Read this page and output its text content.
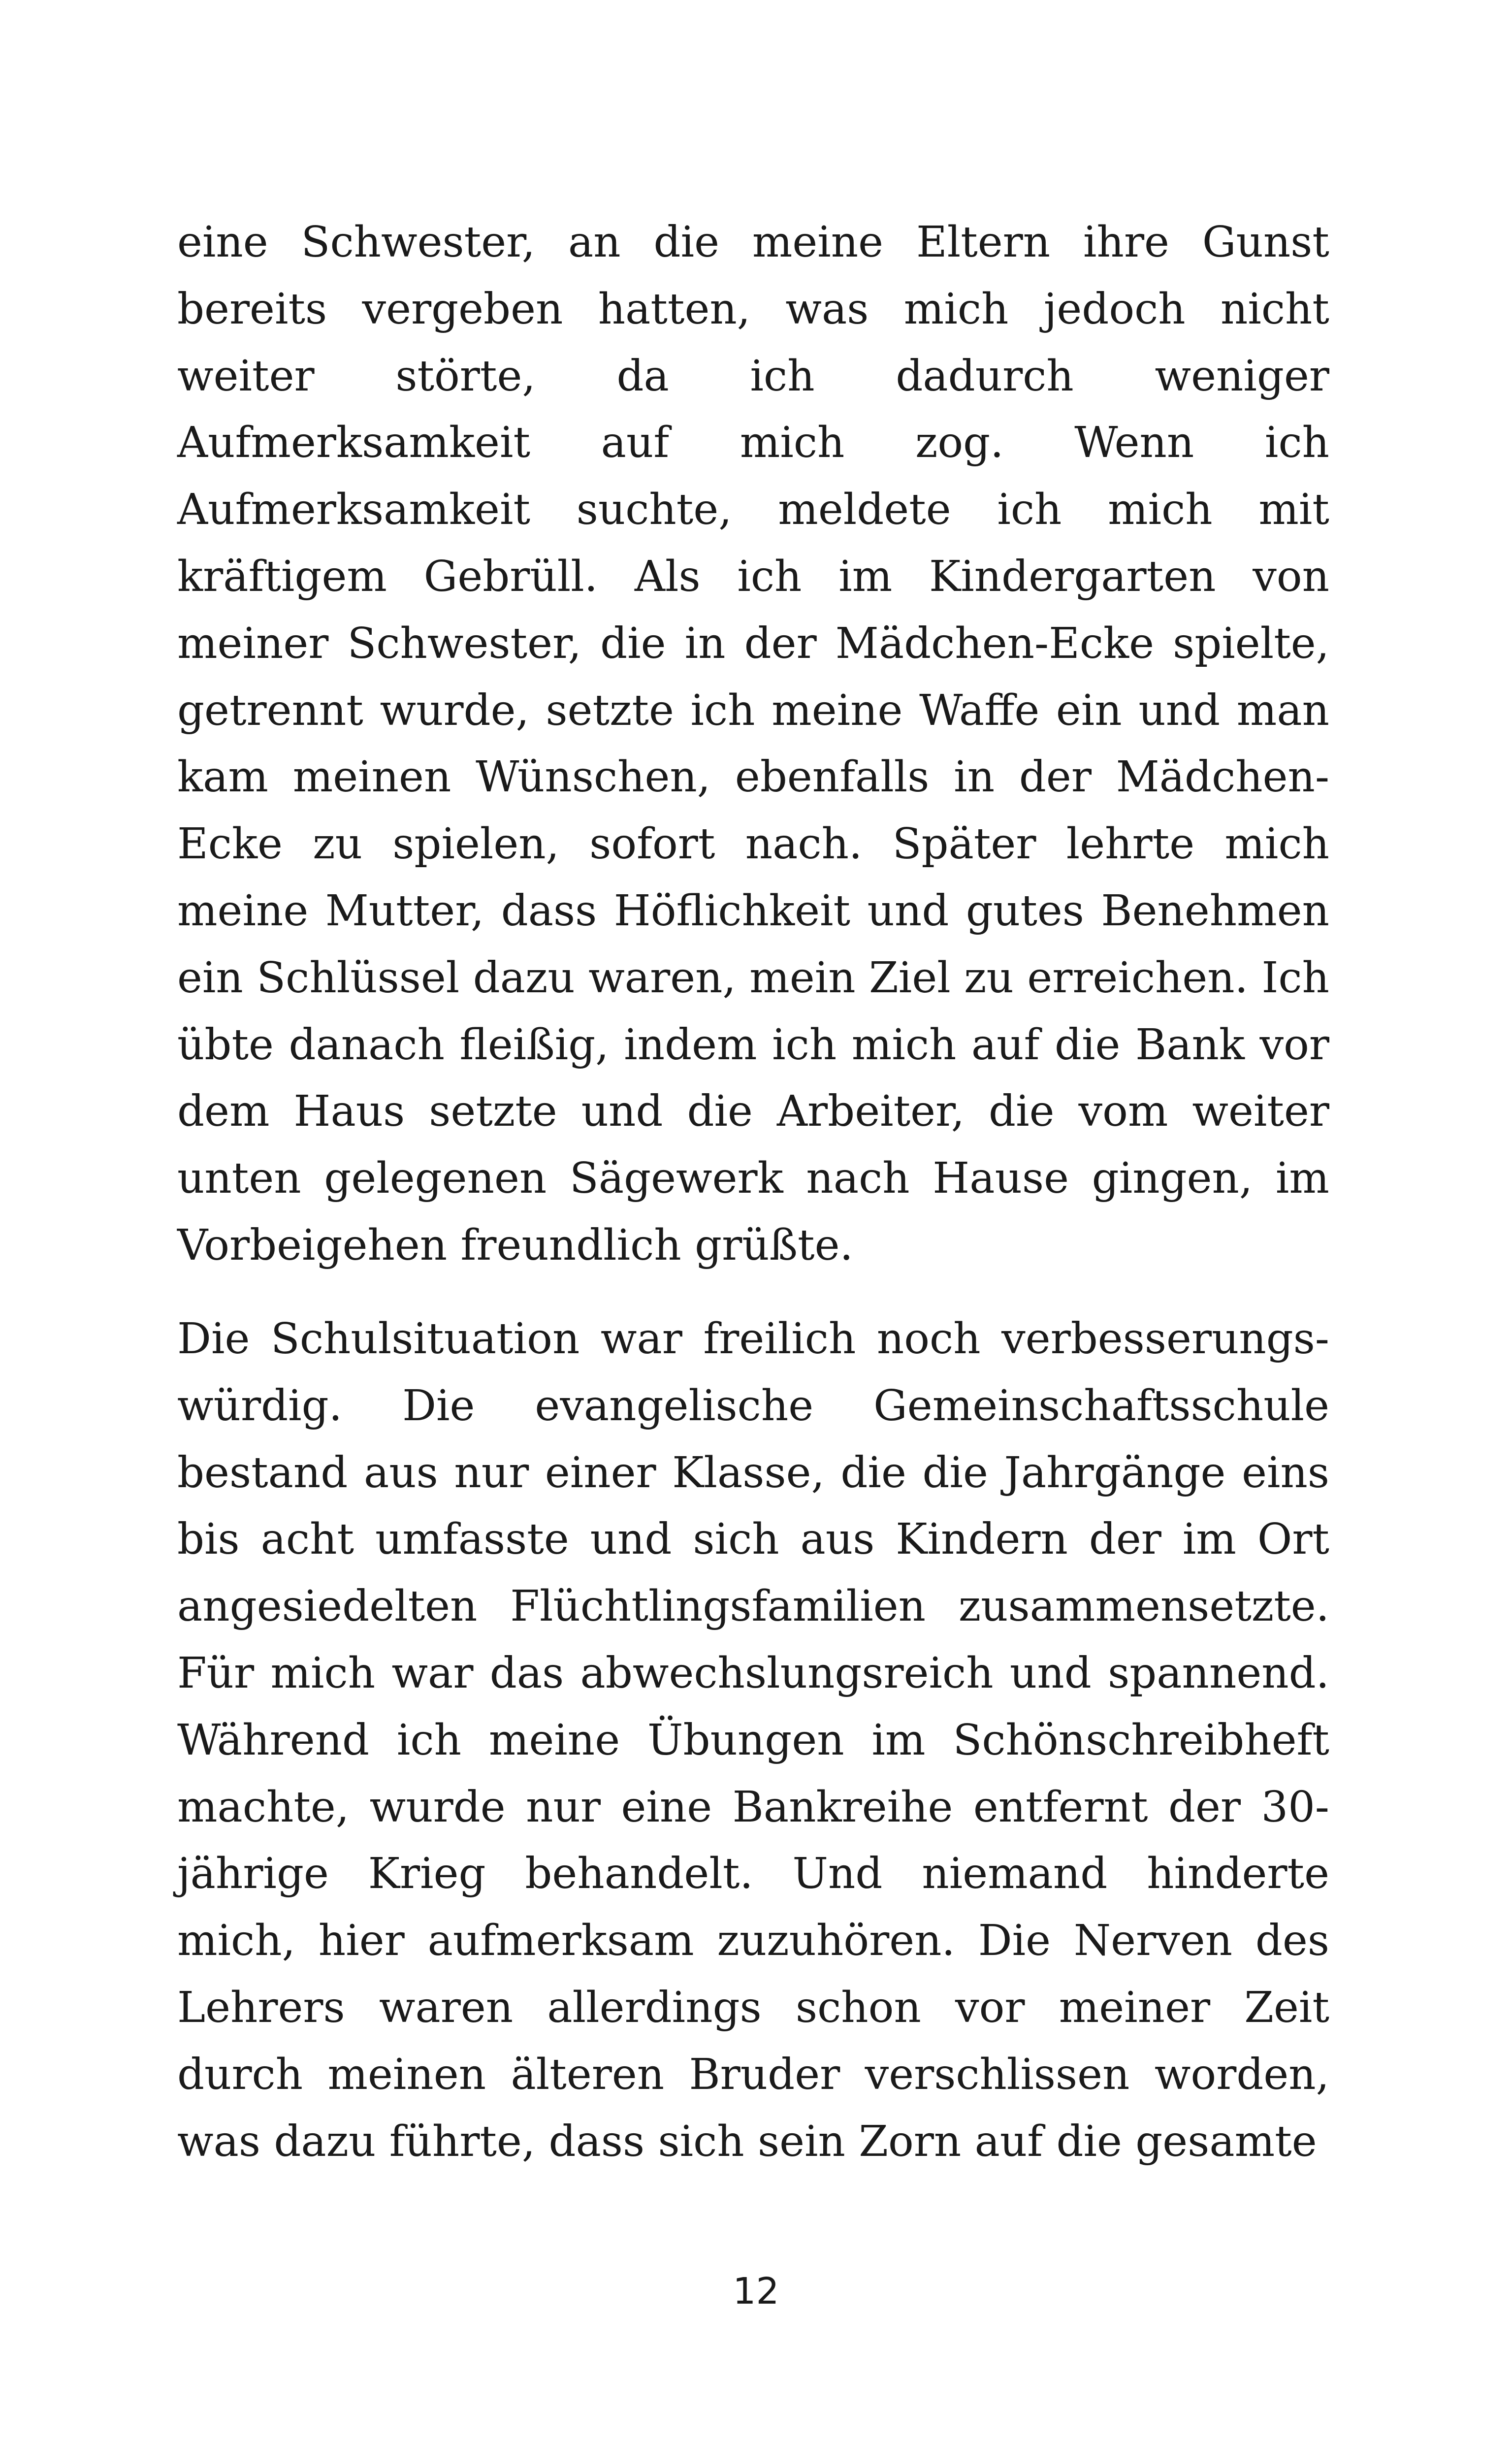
eine Schwester, an die meine Eltern ihre Gunst
bereits vergeben hatten, was mich jedoch nicht
weiter störte, da ich dadurch weniger
Aufmerksamkeit auf mich zog. Wenn ich
Aufmerksamkeit suchte, meldete ich mich mit
kräftigem Gebrüll. Als ich im Kindergarten von
meiner Schwester, die in der Mädchen-Ecke spielte,
getrennt wurde, setzte ich meine Waffe ein und man
kam meinen Wünschen, ebenfalls in der Mädchen-
Ecke zu spielen, sofort nach. Später lehrte mich
meine Mutter, dass Höflichkeit und gutes Benehmen
ein Schlüssel dazu waren, mein Ziel zu erreichen. Ich
übte danach fleißig, indem ich mich auf die Bank vor
dem Haus setzte und die Arbeiter, die vom weiter
unten gelegenen Sägewerk nach Hause gingen, im
Vorbeigehen freundlich grüßte.
Die Schulsituation war freilich noch verbesserungs-
würdig. Die evangelische Gemeinschaftsschule
bestand aus nur einer Klasse, die die Jahrgänge eins
bis acht umfasste und sich aus Kindern der im Ort
angesiedelten Flüchtlingsfamilien zusammensetzte.
Für mich war das abwechslungsreich und spannend.
Während ich meine Übungen im Schönschreibheft
machte, wurde nur eine Bankreihe entfernt der 30-
jährige Krieg behandelt. Und niemand hinderte
mich, hier aufmerksam zuzuhören. Die Nerven des
Lehrers waren allerdings schon vor meiner Zeit
durch meinen älteren Bruder verschlissen worden,
was dazu führte, dass sich sein Zorn auf die gesamte
12
